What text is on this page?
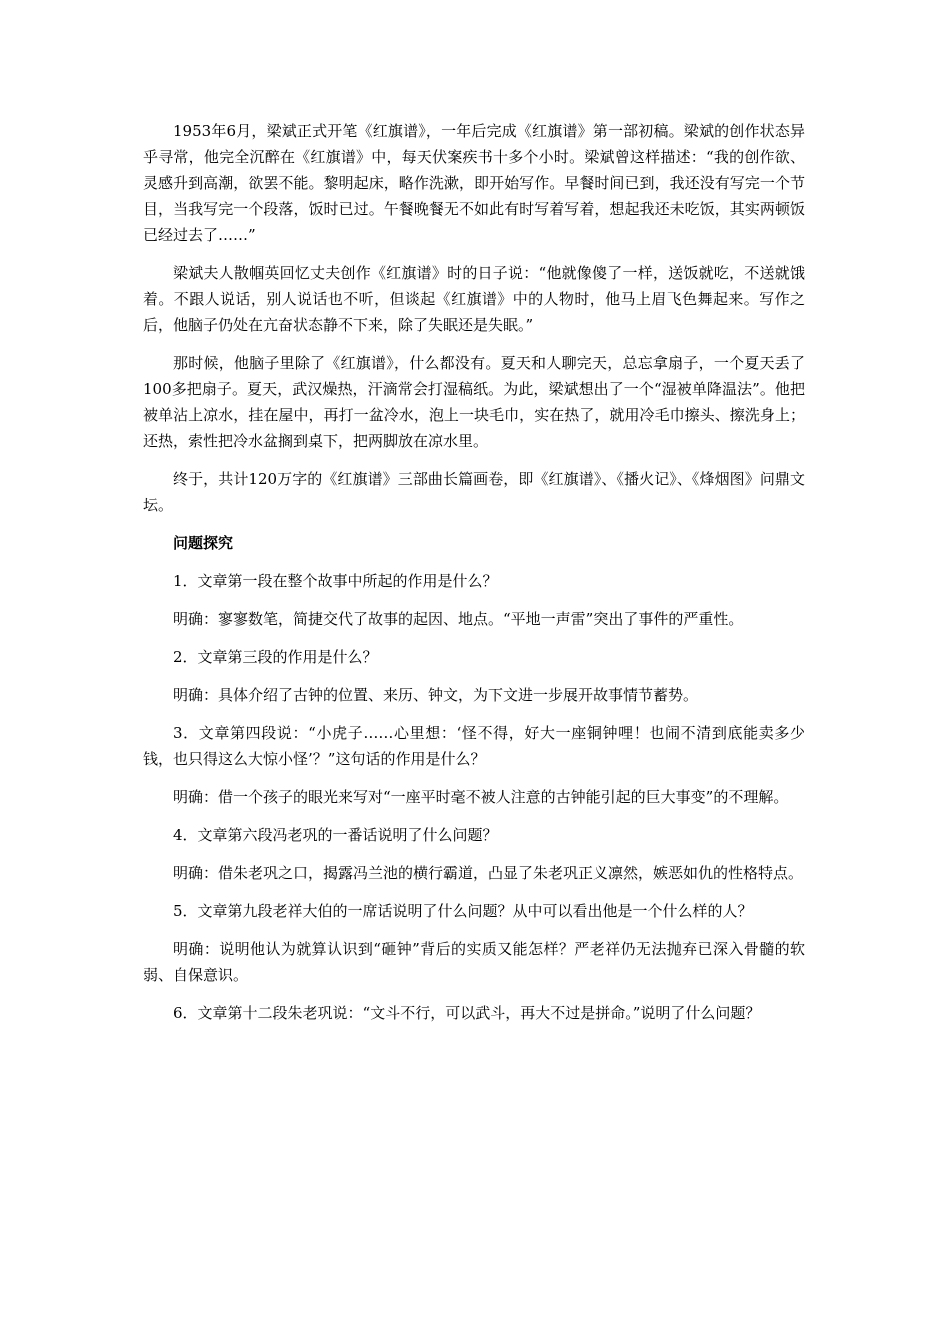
1953年6月，梁斌正式开笔《红旗谱》，一年后完成《红旗谱》第一部初稿。梁斌的创作状态异乎寻常，他完全沉醉在《红旗谱》中，每天伏案疾书十多个小时。梁斌曾这样描述：“我的创作欲、灵感升到高潮，欲罢不能。黎明起床，略作洗漱，即开始写作。早餐时间已到，我还没有写完一个节目，当我写完一个段落，饭时已过。午餐晚餐无不如此有时写着写着，想起我还未吃饭，其实两顿饭已经过去了……”

梁斌夫人散帼英回忆丈夫创作《红旗谱》时的日子说：“他就像傻了一样，送饭就吃，不送就饿着。不跟人说话，别人说话也不听，但谈起《红旗谱》中的人物时，他马上眉飞色舞起来。写作之后，他脑子仍处在亢奋状态静不下来，除了失眠还是失眠。”

那时候，他脑子里除了《红旗谱》，什么都没有。夏天和人聊完天，总忘拿扇子，一个夏天丢了100多把扇子。夏天，武汉燥热，汗滴常会打湿稿纸。为此，梁斌想出了一个“湿被单降温法”。他把被单沾上凉水，挂在屋中，再打一盆冷水，泡上一块毛巾，实在热了，就用冷毛巾擦头、擦洗身上；还热，索性把冷水盆搁到桌下，把两脚放在凉水里。

终于，共计120万字的《红旗谱》三部曲长篇画卷，即《红旗谱》、《播火记》、《烽烟图》问鼎文坛。

问题探究

1．文章第一段在整个故事中所起的作用是什么？

明确：寥寥数笔，简捷交代了故事的起因、地点。“平地一声雷”突出了事件的严重性。

2．文章第三段的作用是什么？

明确：具体介绍了古钟的位置、来历、钟文，为下文进一步展开故事情节蓄势。

3．文章第四段说：“小虎子……心里想：‘怪不得，好大一座铜钟哩！也闹不清到底能卖多少钱，也只得这么大惊小怪’？”这句话的作用是什么？

明确：借一个孩子的眼光来写对“一座平时毫不被人注意的古钟能引起的巨大事变”的不理解。

4．文章第六段冯老巩的一番话说明了什么问题？

明确：借朱老巩之口，揭露冯兰池的横行霸道，凸显了朱老巩正义凛然，嫉恶如仇的性格特点。

5．文章第九段老祥大伯的一席话说明了什么问题？从中可以看出他是一个什么样的人？

明确：说明他认为就算认识到“砸钟”背后的实质又能怎样？严老祥仍无法抛弃已深入骨髓的软弱、自保意识。

6．文章第十二段朱老巩说：“文斗不行，可以武斗，再大不过是拼命。”说明了什么问题？
